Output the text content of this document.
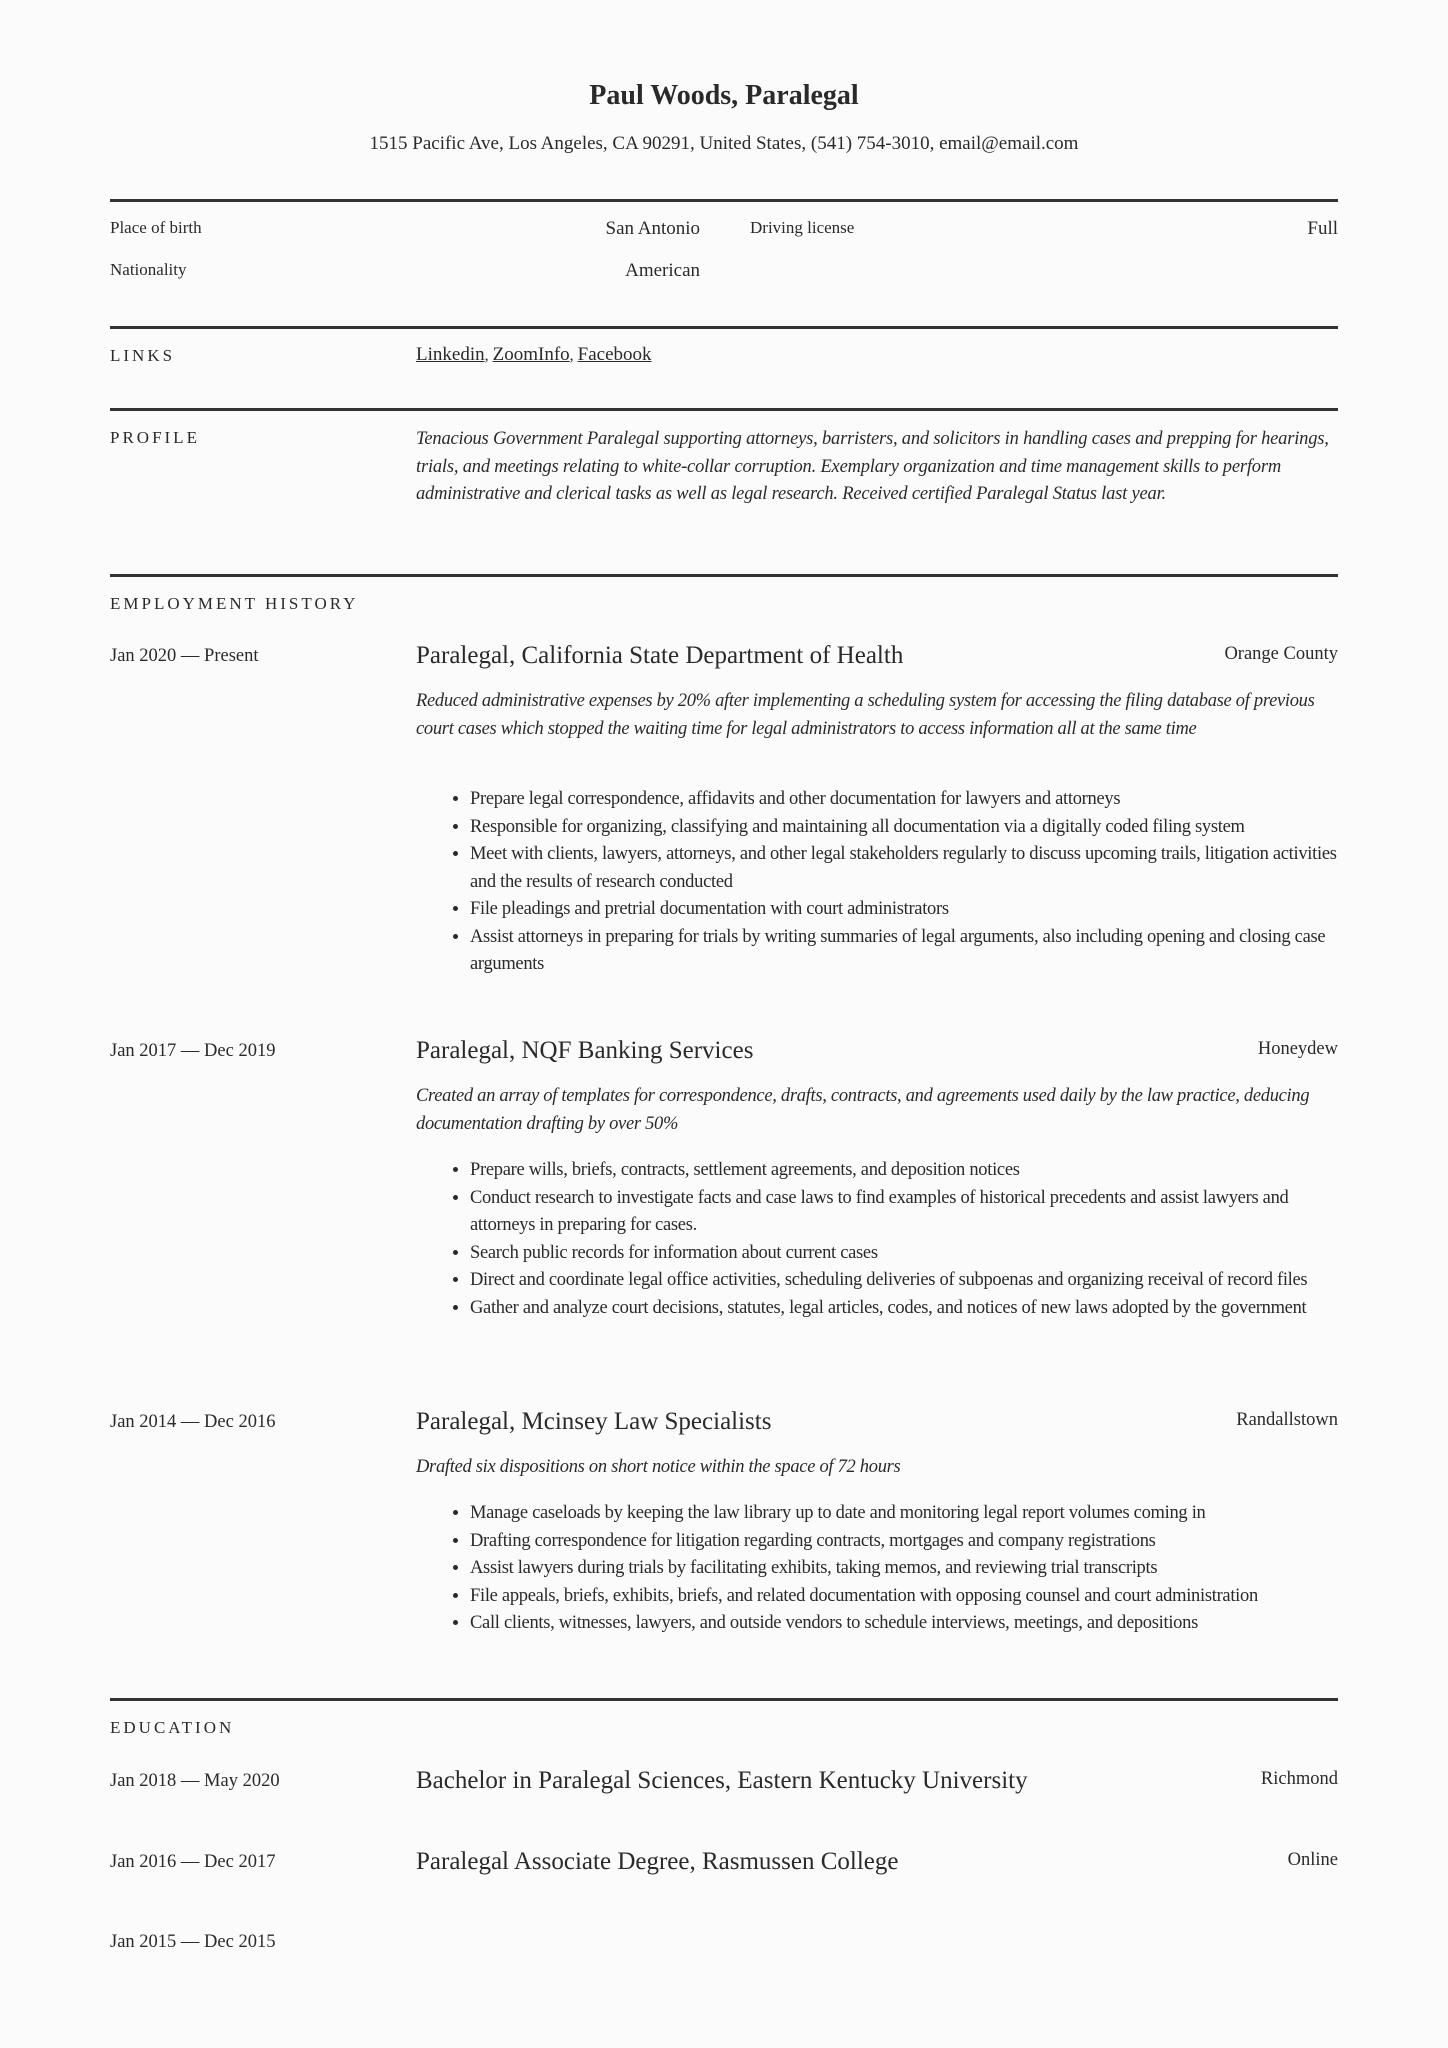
Paul Woods, Paralegal
1515 Pacific Ave, Los Angeles, CA 90291, United States, (541) 754-3010, email@email.com
Place of birth	San Antonio	Driving license	Full
Nationality	American
LINKS	Linkedin, ZoomInfo, Facebook
PROFILE	Tenacious Government Paralegal supporting attorneys, barristers, and solicitors in handling cases and prepping for hearings, trials, and meetings relating to white-collar corruption. Exemplary organization and time management skills to perform administrative and clerical tasks as well as legal research. Received certified Paralegal Status last year.
EMPLOYMENT HISTORY
Jan 2020 — Present	Paralegal, California State Department of Health	Orange County
Reduced administrative expenses by 20% after implementing a scheduling system for accessing the filing database of previous court cases which stopped the waiting time for legal administrators to access information all at the same time
• Prepare legal correspondence, affidavits and other documentation for lawyers and attorneys
• Responsible for organizing, classifying and maintaining all documentation via a digitally coded filing system
• Meet with clients, lawyers, attorneys, and other legal stakeholders regularly to discuss upcoming trails, litigation activities and the results of research conducted
• File pleadings and pretrial documentation with court administrators
• Assist attorneys in preparing for trials by writing summaries of legal arguments, also including opening and closing case arguments
Jan 2017 — Dec 2019	Paralegal, NQF Banking Services	Honeydew
Created an array of templates for correspondence, drafts, contracts, and agreements used daily by the law practice, deducing documentation drafting by over 50%
• Prepare wills, briefs, contracts, settlement agreements, and deposition notices
• Conduct research to investigate facts and case laws to find examples of historical precedents and assist lawyers and attorneys in preparing for cases.
• Search public records for information about current cases
• Direct and coordinate legal office activities, scheduling deliveries of subpoenas and organizing receival of record files
• Gather and analyze court decisions, statutes, legal articles, codes, and notices of new laws adopted by the government
Jan 2014 — Dec 2016	Paralegal, Mcinsey Law Specialists	Randallstown
Drafted six dispositions on short notice within the space of 72 hours
• Manage caseloads by keeping the law library up to date and monitoring legal report volumes coming in
• Drafting correspondence for litigation regarding contracts, mortgages and company registrations
• Assist lawyers during trials by facilitating exhibits, taking memos, and reviewing trial transcripts
• File appeals, briefs, exhibits, briefs, and related documentation with opposing counsel and court administration
• Call clients, witnesses, lawyers, and outside vendors to schedule interviews, meetings, and depositions
EDUCATION
Jan 2018 — May 2020	Bachelor in Paralegal Sciences, Eastern Kentucky University	Richmond
Jan 2016 — Dec 2017	Paralegal Associate Degree, Rasmussen College	Online
Jan 2015 — Dec 2015
